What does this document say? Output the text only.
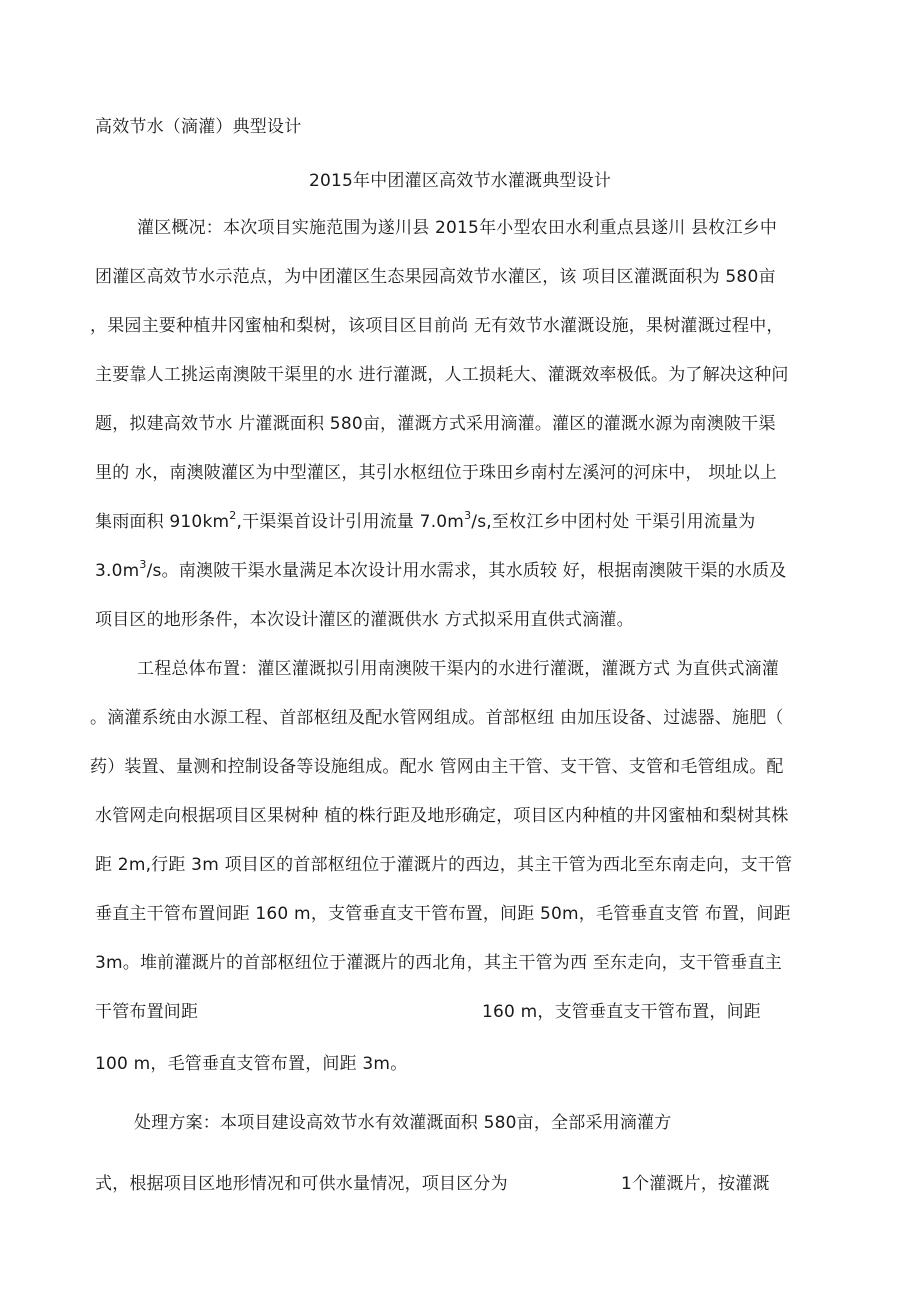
高效节水（滴灌）典型设计
2015年中团灌区高效节水灌溉典型设计
灌区概况：本次项目实施范围为遂川县 2015年小型农田水利重点县遂川 县枚江乡中
团灌区高效节水示范点，为中团灌区生态果园高效节水灌区，该 项目区灌溉面积为 580亩
，果园主要种植井冈蜜柚和梨树，该项目区目前尚 无有效节水灌溉设施，果树灌溉过程中，
主要靠人工挑运南澳陂干渠里的水 进行灌溉，人工损耗大、灌溉效率极低。为了解决这种问
题，拟建高效节水 片灌溉面积 580亩，灌溉方式采用滴灌。灌区的灌溉水源为南澳陂干渠
里的 水，南澳陂灌区为中型灌区，其引水枢纽位于珠田乡南村左溪河的河床中， 坝址以上
集雨面积 $910km^2$,干渠渠首设计引用流量 $7.0m^3/s$,至枚江乡中团村处 干渠引用流量为
$3.0m^3/s$。南澳陂干渠水量满足本次设计用水需求，其水质较 好，根据南澳陂干渠的水质及
项目区的地形条件，本次设计灌区的灌溉供水 方式拟采用直供式滴灌。
工程总体布置：灌区灌溉拟引用南澳陂干渠内的水进行灌溉，灌溉方式 为直供式滴灌
。滴灌系统由水源工程、首部枢纽及配水管网组成。首部枢纽 由加压设备、过滤器、施肥（
药）装置、量测和控制设备等设施组成。配水 管网由主干管、支干管、支管和毛管组成。配
水管网走向根据项目区果树种 植的株行距及地形确定，项目区内种植的井冈蜜柚和梨树其株
距 2m,行距 3m 项目区的首部枢纽位于灌溉片的西边，其主干管为西北至东南走向，支干管
垂直主干管布置间距 160 m，支管垂直支干管布置，间距 50m，毛管垂直支管 布置，间距
3m。堆前灌溉片的首部枢纽位于灌溉片的西北角，其主干管为西 至东走向，支干管垂直主
干管布置间距	160 m，支管垂直支干管布置，间距
100 m，毛管垂直支管布置，间距 3m。
处理方案：本项目建设高效节水有效灌溉面积 580亩，全部采用滴灌方
式，根据项目区地形情况和可供水量情况，项目区分为	1个灌溉片，按灌溉
